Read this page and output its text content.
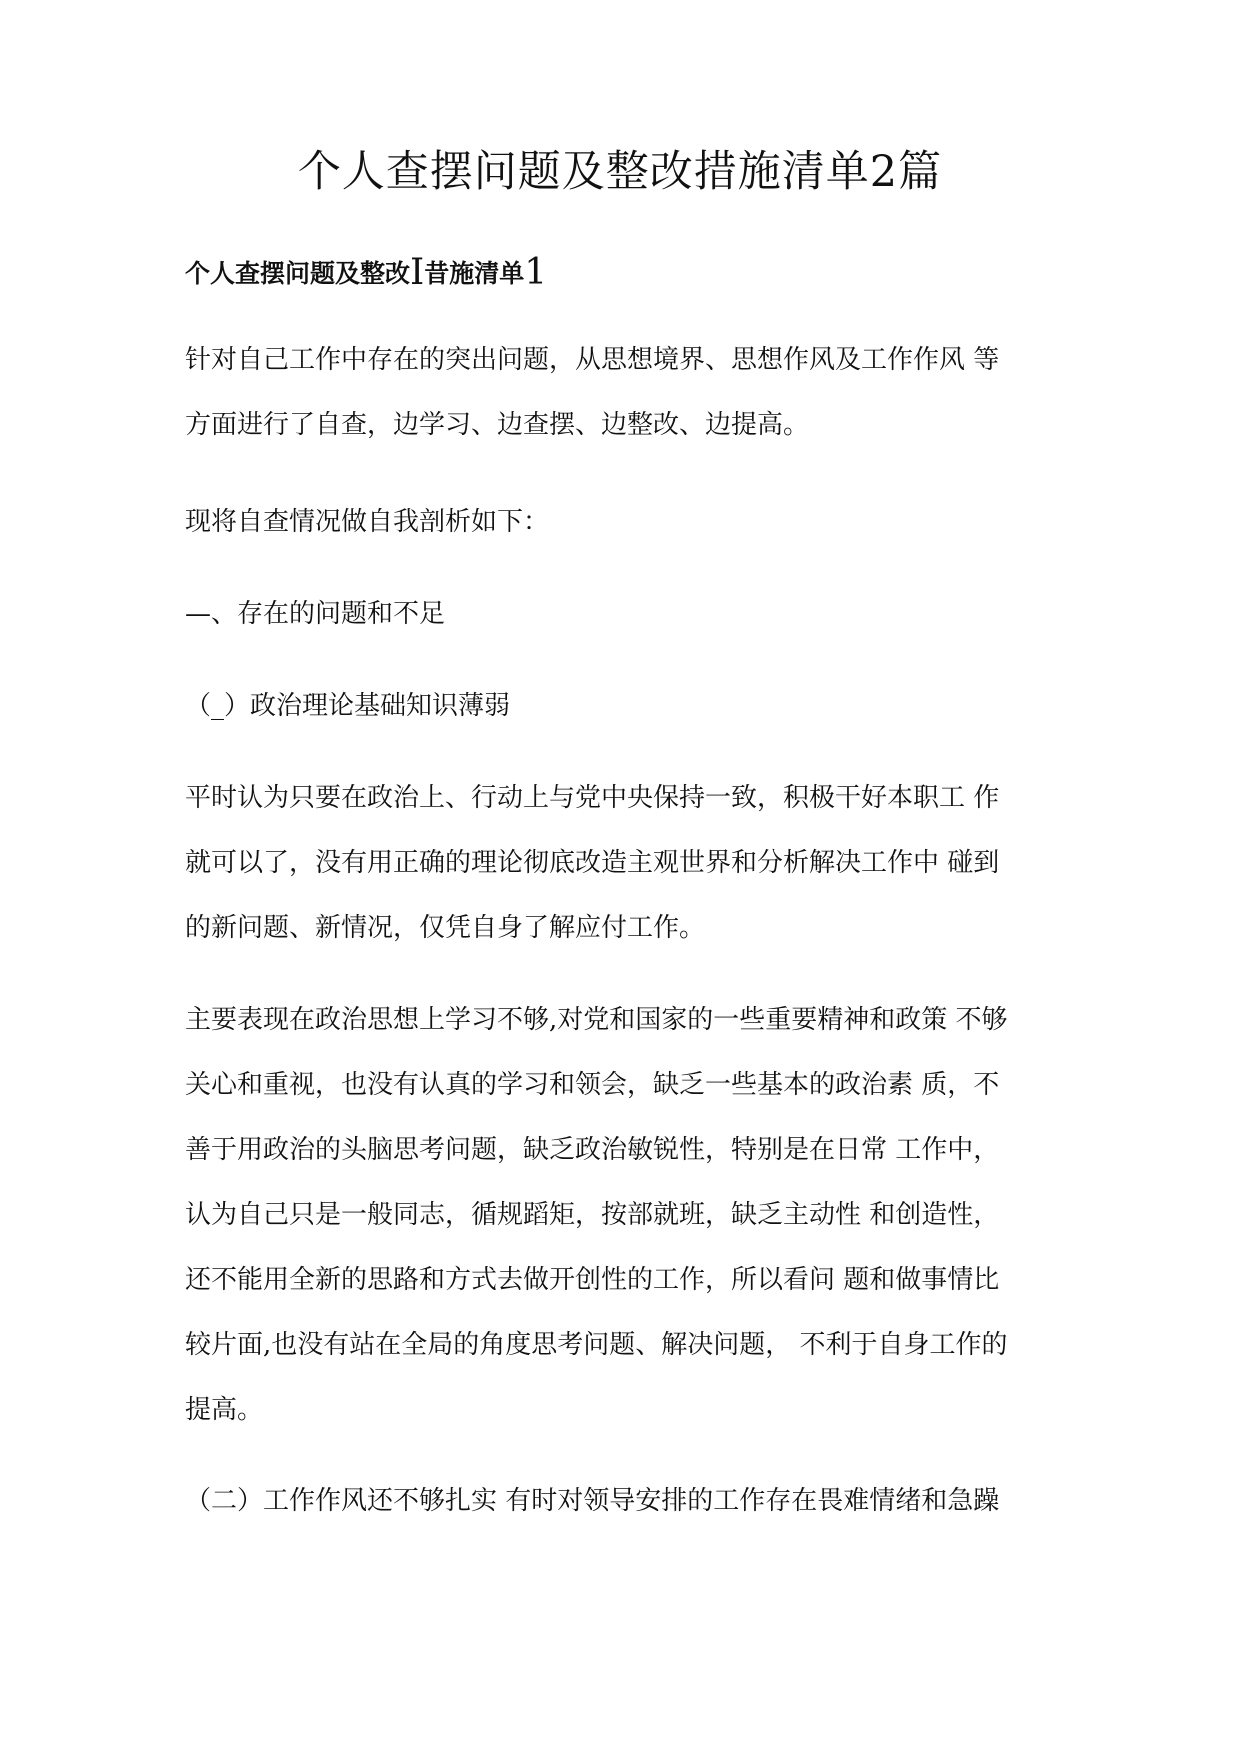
个人查摆问题及整改措施清单2篇
个人查摆问题及整改I昔施清单1

针对自己工作中存在的突出问题，从思想境界、思想作风及工作作风 等

方面进行了自查，边学习、边查摆、边整改、边提高。

现将自查情况做自我剖析如下：

—、存在的问题和不足

（_）政治理论基础知识薄弱

平时认为只要在政治上、行动上与党中央保持一致，积极干好本职工 作

就可以了，没有用正确的理论彻底改造主观世界和分析解决工作中 碰到

的新问题、新情况，仅凭自身了解应付工作。

主要表现在政治思想上学习不够,对党和国家的一些重要精神和政策 不够

关心和重视，也没有认真的学习和领会，缺乏一些基本的政治素 质，不

善于用政治的头脑思考问题，缺乏政治敏锐性，特别是在日常 工作中，

认为自己只是一般同志，循规蹈矩，按部就班，缺乏主动性 和创造性，

还不能用全新的思路和方式去做开创性的工作，所以看问 题和做事情比

较片面,也没有站在全局的角度思考问题、解决问题， 不利于自身工作的

提高。

（二）工作作风还不够扎实 有时对领导安排的工作存在畏难情绪和急躁
